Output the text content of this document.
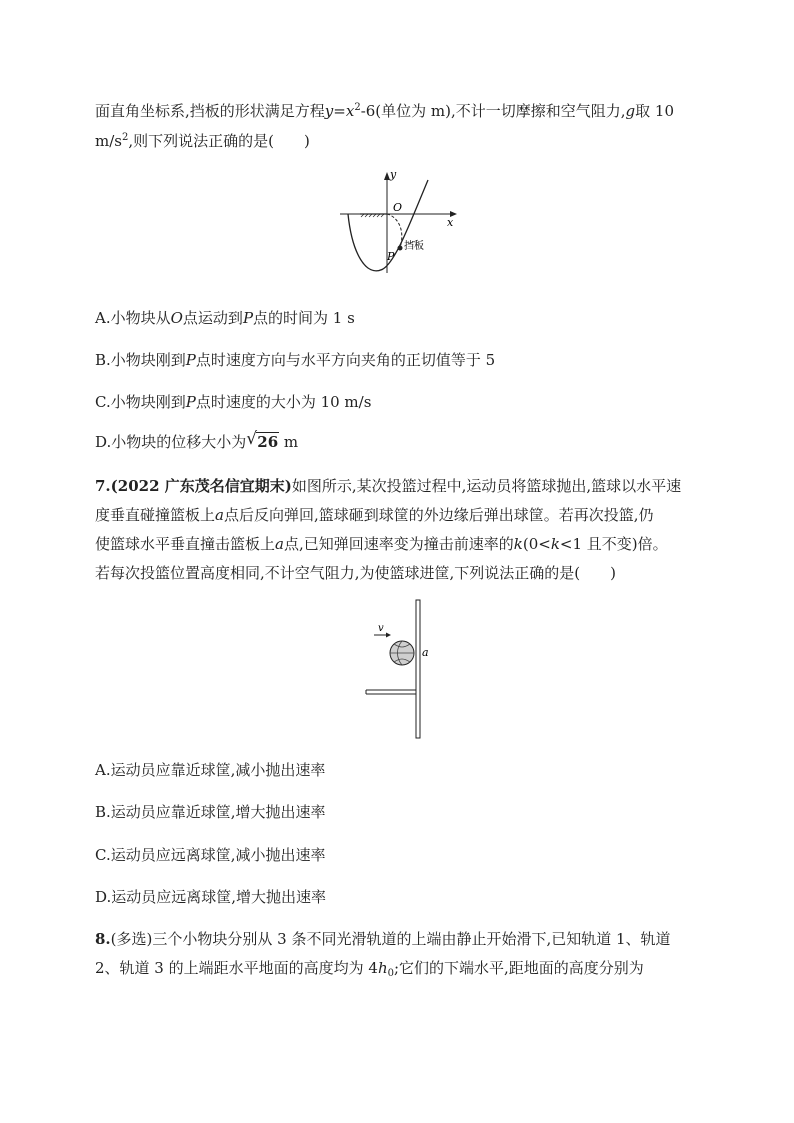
面直角坐标系,挡板的形状满足方程$y=x^2-6$(单位为 m),不计一切摩擦和空气阻力,g取 10
$m/s^2$,则下列说法正确的是(　　)
y
O
x
P
挡板
A.小物块从O点运动到P点的时间为 1 s
B.小物块刚到P点时速度方向与水平方向夹角的正切值等于 5
C.小物块刚到P点时速度的大小为 10 m/s
D.小物块的位移大小为 √ 26 m
7.(2022 广东茂名信宜期末)如图所示,某次投篮过程中,运动员将篮球抛出,篮球以水平速
度垂直碰撞篮板上a点后反向弹回,篮球砸到球筐的外边缘后弹出球筐。若再次投篮,仍
使篮球水平垂直撞击篮板上a点,已知弹回速率变为撞击前速率的k(0<k<1 且不变)倍。
若每次投篮位置高度相同,不计空气阻力,为使篮球进筐,下列说法正确的是(　　)
v
a
A.运动员应靠近球筐,减小抛出速率
B.运动员应靠近球筐,增大抛出速率
C.运动员应远离球筐,减小抛出速率
D.运动员应远离球筐,增大抛出速率
8.(多选)三个小物块分别从 3 条不同光滑轨道的上端由静止开始滑下,已知轨道 1、轨道
2、轨道 3 的上端距水平地面的高度均为 $4h_0$;它们的下端水平,距地面的高度分别为
